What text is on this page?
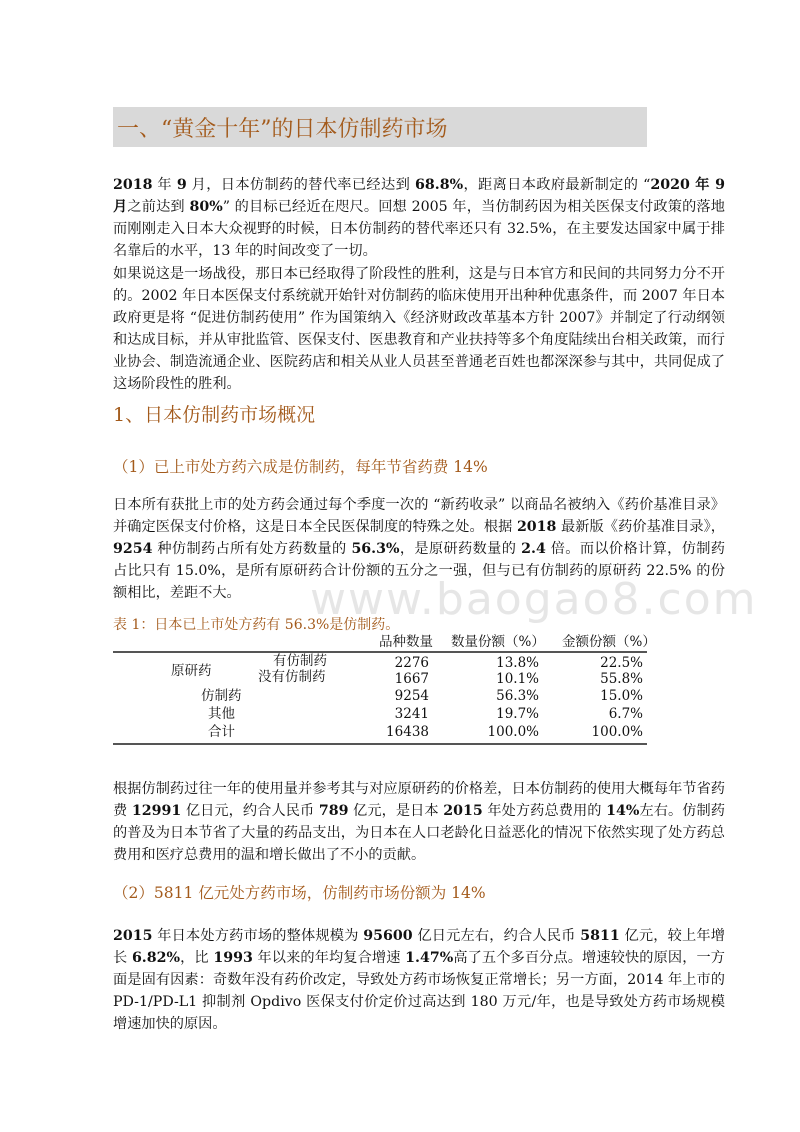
一、“黄金十年”的日本仿制药市场

2018 年 9 月，日本仿制药的替代率已经达到 68.8%，距离日本政府最新制定的 “2020 年 9 月之前达到 80%” 的目标已经近在咫尺。回想 2005 年，当仿制药因为相关医保支付政策的落地而刚刚走入日本大众视野的时候，日本仿制药的替代率还只有 32.5%，在主要发达国家中属于排名靠后的水平，13 年的时间改变了一切。

如果说这是一场战役，那日本已经取得了阶段性的胜利，这是与日本官方和民间的共同努力分不开的。2002 年日本医保支付系统就开始针对仿制药的临床使用开出种种优惠条件，而 2007 年日本政府更是将 “促进仿制药使用” 作为国策纳入《经济财政改革基本方针 2007》并制定了行动纲领和达成目标，并从审批监管、医保支付、医患教育和产业扶持等多个角度陆续出台相关政策，而行业协会、制造流通企业、医院药店和相关从业人员甚至普通老百姓也都深深参与其中，共同促成了这场阶段性的胜利。

1、日本仿制药市场概况
（1）已上市处方药六成是仿制药，每年节省药费 14%

日本所有获批上市的处方药会通过每个季度一次的 “新药收录” 以商品名被纳入《药价基准目录》并确定医保支付价格，这是日本全民医保制度的特殊之处。根据 2018 最新版《药价基准目录》，9254 种仿制药占所有处方药数量的 56.3%，是原研药数量的 2.4 倍。而以价格计算，仿制药占比只有 15.0%，是所有原研药合计份额的五分之一强，但与已有仿制药的原研药 22.5% 的份额相比，差距不大。	www.baogao8.com
表 1：日本已上市处方药有 56.3%是仿制药。
品种数量 数量份额（%） 金额份额（%）
原研药
有仿制药	2276	13.8%	22.5%
没有仿制药	1667	10.1%	55.8%
仿制药	9254	56.3%	15.0%
其他	3241	19.7%	6.7%
合计	16438	100.0%	100.0%

根据仿制药过往一年的使用量并参考其与对应原研药的价格差，日本仿制药的使用大概每年节省药费 12991 亿日元，约合人民币 789 亿元，是日本 2015 年处方药总费用的 14%左右。仿制药的普及为日本节省了大量的药品支出，为日本在人口老龄化日益恶化的情况下依然实现了处方药总费用和医疗总费用的温和增长做出了不小的贡献。

（2）5811 亿元处方药市场，仿制药市场份额为 14%

2015 年日本处方药市场的整体规模为 95600 亿日元左右，约合人民币 5811 亿元，较上年增长 6.82%，比 1993 年以来的年均复合增速 1.47%高了五个多百分点。增速较快的原因，一方面是固有因素：奇数年没有药价改定，导致处方药市场恢复正常增长；另一方面，2014 年上市的 PD-1/PD-L1 抑制剂 Opdivo 医保支付价定价过高达到 180 万元/年，也是导致处方药市场规模增速加快的原因。
